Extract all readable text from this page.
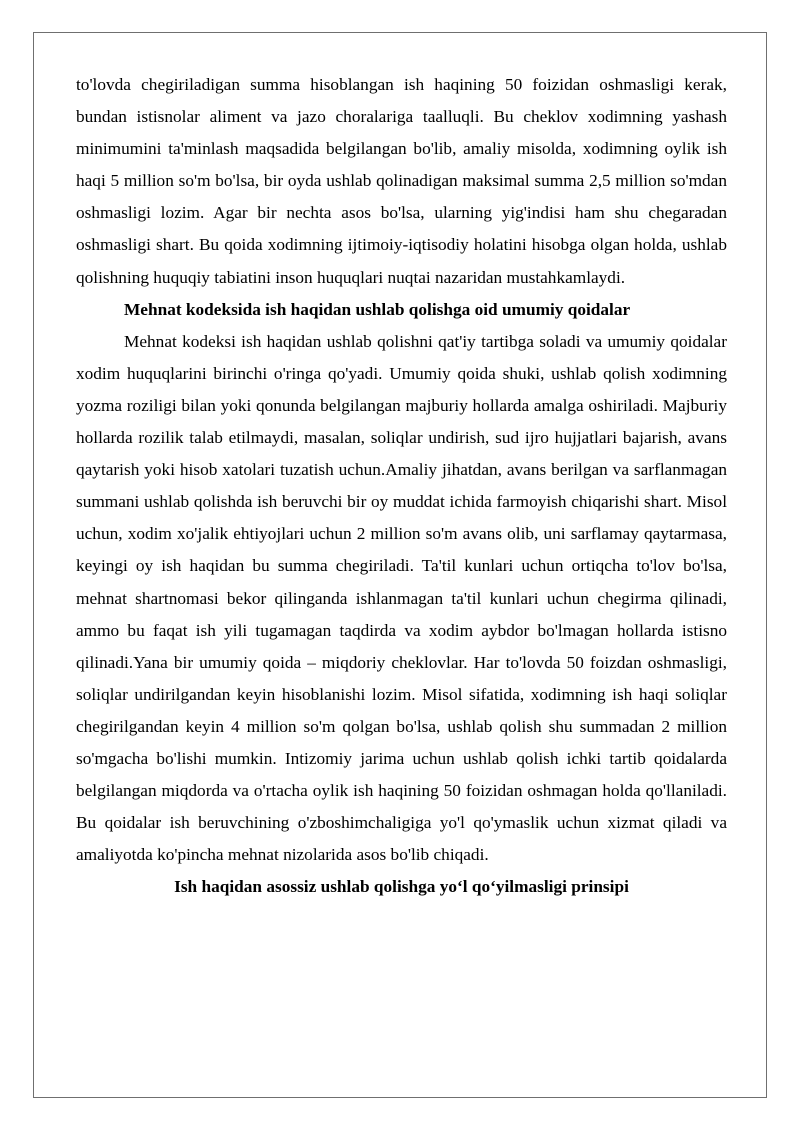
to'lovda chegiriladigan summa hisoblangan ish haqining 50 foizidan oshmasligi kerak, bundan istisnolar aliment va jazo choralariga taalluqli. Bu cheklov xodimning yashash minimumini ta'minlash maqsadida belgilangan bo'lib, amaliy misolda, xodimning oylik ish haqi 5 million so'm bo'lsa, bir oyda ushlab qolinadigan maksimal summa 2,5 million so'mdan oshmasligi lozim. Agar bir nechta asos bo'lsa, ularning yig'indisi ham shu chegaradan oshmasligi shart. Bu qoida xodimning ijtimoiy-iqtisodiy holatini hisobga olgan holda, ushlab qolishning huquqiy tabiatini inson huquqlari nuqtai nazaridan mustahkamlaydi.

Mehnat kodeksida ish haqidan ushlab qolishga oid umumiy qoidalar

Mehnat kodeksi ish haqidan ushlab qolishni qat'iy tartibga soladi va umumiy qoidalar xodim huquqlarini birinchi o'ringa qo'yadi. Umumiy qoida shuki, ushlab qolish xodimning yozma roziligi bilan yoki qonunda belgilangan majburiy hollarda amalga oshiriladi. Majburiy hollarda rozilik talab etilmaydi, masalan, soliqlar undirish, sud ijro hujjatlari bajarish, avans qaytarish yoki hisob xatolari tuzatish uchun.Amaliy jihatdan, avans berilgan va sarflanmagan summani ushlab qolishda ish beruvchi bir oy muddat ichida farmoyish chiqarishi shart. Misol uchun, xodim xo'jalik ehtiyojlari uchun 2 million so'm avans olib, uni sarflamay qaytarmasa, keyingi oy ish haqidan bu summa chegiriladi. Ta'til kunlari uchun ortiqcha to'lov bo'lsa, mehnat shartnomasi bekor qilinganda ishlanmagan ta'til kunlari uchun chegirma qilinadi, ammo bu faqat ish yili tugamagan taqdirda va xodim aybdor bo'lmagan hollarda istisno qilinadi.Yana bir umumiy qoida – miqdoriy cheklovlar. Har to'lovda 50 foizdan oshmasligi, soliqlar undirilgandan keyin hisoblanishi lozim. Misol sifatida, xodimning ish haqi soliqlar chegirilgandan keyin 4 million so'm qolgan bo'lsa, ushlab qolish shu summadan 2 million so'mgacha bo'lishi mumkin. Intizomiy jarima uchun ushlab qolish ichki tartib qoidalarda belgilangan miqdorda va o'rtacha oylik ish haqining 50 foizidan oshmagan holda qo'llaniladi. Bu qoidalar ish beruvchining o'zboshimchaligiga yo'l qo'ymaslik uchun xizmat qiladi va amaliyotda ko'pincha mehnat nizolarida asos bo'lib chiqadi.

Ish haqidan asossiz ushlab qolishga yo‘l qo‘yilmasligi prinsipi
